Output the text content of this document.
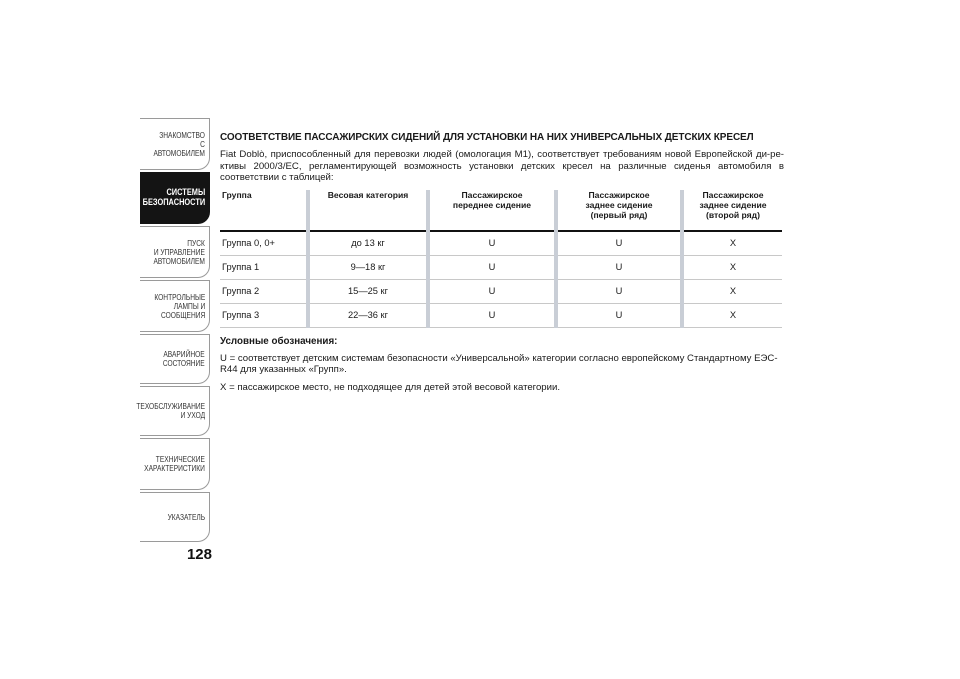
ЗНАКОМСТВО С
АВТОМОБИЛЕМ
СИСТЕМЫ
БЕЗОПАСНОСТИ
ПУСК
И УПРАВЛЕНИЕ
АВТОМОБИЛЕМ
КОНТРОЛЬНЫЕ
ЛАМПЫ И
СООБЩЕНИЯ
АВАРИЙНОЕ
СОСТОЯНИЕ
ТЕХОБСЛУЖИВАНИЕ
И УХОД
ТЕХНИЧЕСКИЕ
ХАРАКТЕРИСТИКИ
УКАЗАТЕЛЬ
128
СООТВЕТСТВИЕ ПАССАЖИРСКИХ СИДЕНИЙ ДЛЯ УСТАНОВКИ НА НИХ УНИВЕРСАЛЬНЫХ ДЕТСКИХ КРЕСЕЛ

Fiat Doblò, приспособленный для перевозки людей (омологация М1), соответствует требованиям новой Европейской ди-рективы 2000/3/ЕС, регламентирующей возможность установки детских кресел на различные сиденья автомобиля в соответствии с таблицей:

Группа	Весовая категория	Пассажирское
переднее сидение	Пассажирское
заднее сидение
(первый ряд)	Пассажирское
заднее сидение
(второй ряд)
Группа 0, 0+	до 13 кг	U	U	X
Группа 1	9—18 кг	U	U	X
Группа 2	15—25 кг	U	U	X
Группа 3	22—36 кг	U	U	X
Условные обозначения:

U = соответствует детским системам безопасности «Универсальной» категории согласно европейскому Стандартному ЕЭС-R44 для указанных «Групп».

X = пассажирское место, не подходящее для детей этой весовой категории.
